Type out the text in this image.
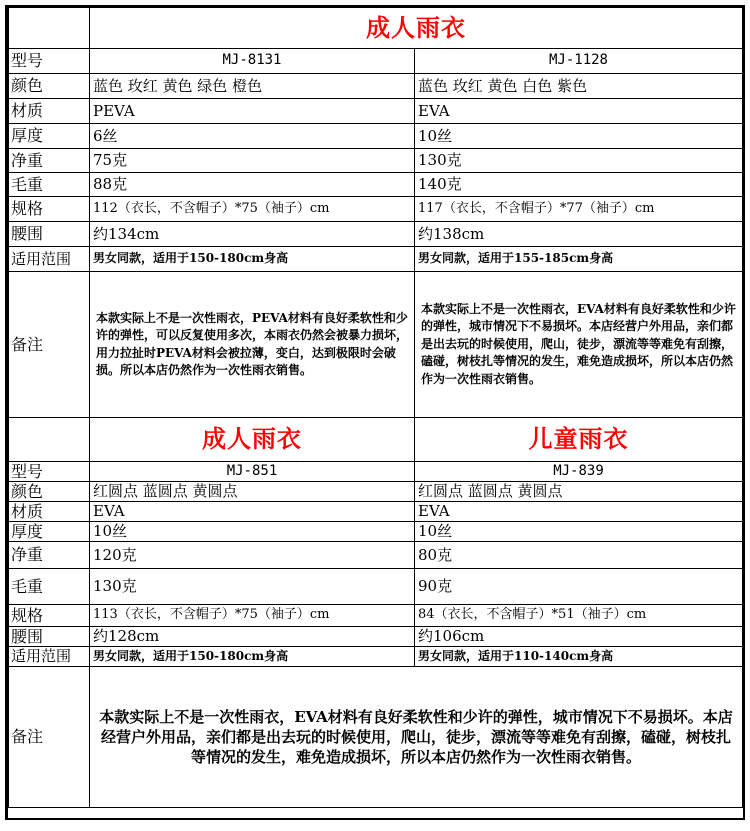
	成人雨衣	
型号	MJ-8131	MJ-1128
颜色	蓝色 玫红 黄色 绿色 橙色	蓝色 玫红 黄色 白色 紫色
材质	PEVA	EVA
厚度	6丝	10丝
净重	75克	130克
毛重	88克	140克
规格	112（衣长，不含帽子）*75（袖子）cm	117（衣长，不含帽子）*77（袖子）cm
腰围	约134cm	约138cm
适用范围	男女同款，适用于150-180cm身高	男女同款，适用于155-185cm身高
备注	本款实际上不是一次性雨衣，PEVA材料有良好柔软性和少许的弹性，可以反复使用多次，本雨衣仍然会被暴力损坏，用力拉扯时PEVA材料会被拉薄，变白，达到极限时会破损。所以本店仍然作为一次性雨衣销售。	本款实际上不是一次性雨衣，EVA材料有良好柔软性和少许的弹性，城市情况下不易损坏。本店经营户外用品，亲们都是出去玩的时候使用，爬山，徒步，漂流等等难免有刮擦，磕碰，树枝扎等情况的发生，难免造成损坏，所以本店仍然作为一次性雨衣销售。
	成人雨衣	儿童雨衣
型号	MJ-851	MJ-839
颜色	红圆点 蓝圆点 黄圆点	红圆点 蓝圆点 黄圆点
材质	EVA	EVA
厚度	10丝	10丝
净重	120克	80克
毛重	130克	90克
规格	113（衣长，不含帽子）*75（袖子）cm	84（衣长，不含帽子）*51（袖子）cm
腰围	约128cm	约106cm
适用范围	男女同款，适用于150-180cm身高	男女同款，适用于110-140cm身高
备注	本款实际上不是一次性雨衣，EVA材料有良好柔软性和少许的弹性，城市情况下不易损坏。本店经营户外用品，亲们都是出去玩的时候使用，爬山，徒步，漂流等等难免有刮擦，磕碰，树枝扎等情况的发生，难免造成损坏，所以本店仍然作为一次性雨衣销售。	
